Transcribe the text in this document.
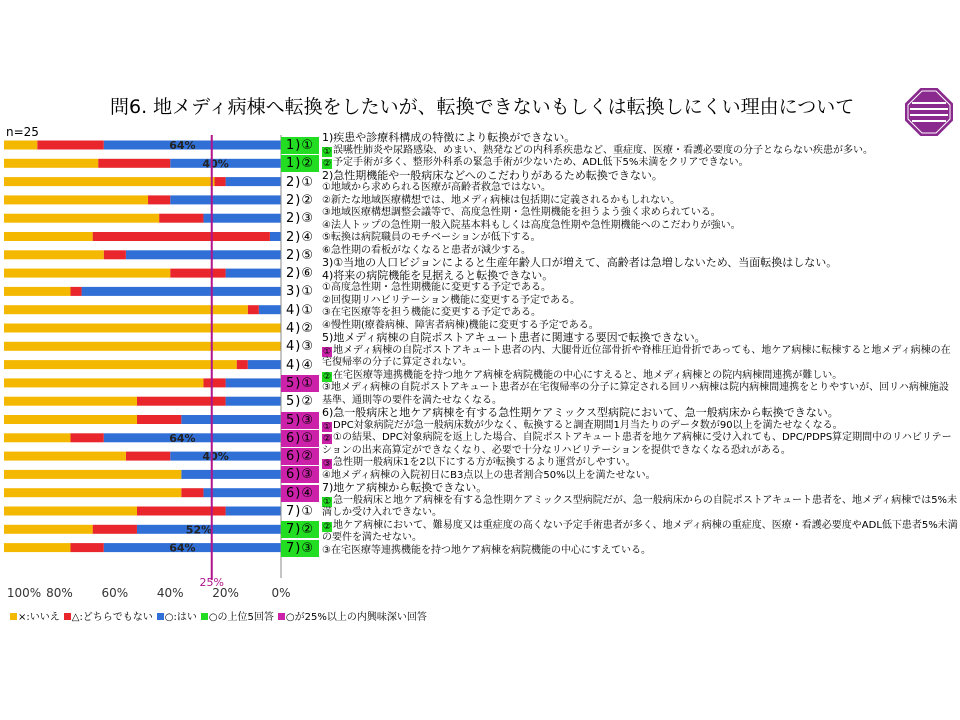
問6. 地メディ病棟へ転換をしたいが、転換できないもしくは転換しにくい理由について
n=25
64%
40%
64%
40%
52%
64%
25%
100% 80% 60% 40% 20%	0%
1)①
1)②
2)①
2)②
2)③
2)④
2)⑤
2)⑥
3)①
4)①
4)②
4)③
4)④
5)①
5)②
5)③
6)①
6)②
6)③
6)④
7)①
7)②
7)③

1)疾患や診療科構成の特徴により転換ができない。

① 誤嚥性肺炎や尿路感染、めまい、熱発などの内科系疾患など、重症度、医療・看護必要度の分子とならない疾患が多い。

② 予定手術が多く、整形外科系の緊急手術が少ないため、ADL低下5%未満をクリアできない。

2)急性期機能や一般病床などへのこだわりがあるため転換できない。

①地域から求められる医療が高齢者救急ではない。

②新たな地域医療構想では、地メディ病棟は包括期に定義されるかもしれない。

③地域医療構想調整会議等で、高度急性期・急性期機能を担うよう強く求められている。

④法人トップの急性期一般入院基本料もしくは高度急性期や急性期機能へのこだわりが強い。

⑤転換は病院職員のモチベーションが低下する。

⑥急性期の看板がなくなると患者が減少する。

3)①当地の人口ビジョンによると生産年齢人口が増えて、高齢者は急増しないため、当面転換はしない。

4)将来の病院機能を見据えると転換できない。

①高度急性期・急性期機能に変更する予定である。

②回復期リハビリテーション機能に変更する予定である。

③在宅医療等を担う機能に変更する予定である。

④慢性期(療養病棟、障害者病棟)機能に変更する予定である。

5)地メディ病棟の自院ポストアキュート患者に関連する要因で転換できない。

① 地メディ病棟の自院ポストアキュート患者の内、大腿骨近位部骨折や脊椎圧迫骨折であっても、地ケア病棟に転棟すると地メディ病棟の在宅復帰率の分子に算定されない。

② 在宅医療等連携機能を持つ地ケア病棟を病院機能の中心にすえると、地メディ病棟との院内病棟間連携が難しい。

③地メディ病棟の自院ポストアキュート患者が在宅復帰率の分子に算定される回リハ病棟は院内病棟間連携をとりやすいが、回リハ病棟施設基準、通則等の要件を満たせなくなる。

6)急一般病床と地ケア病棟を有する急性期ケアミックス型病院において、急一般病床から転換できない。

① DPC対象病院だが急一般病床数が少なく、転換すると調査期間1月当たりのデータ数が90以上を満たせなくなる。

② ①の結果、DPC対象病院を返上した場合、自院ポストアキュート患者を地ケア病棟に受け入れても、DPC/PDPS算定期間中のリハビリテーションの出来高算定ができなくなり、必要で十分なリハビリテーションを提供できなくなる恐れがある。

③ 急性期一般病床1を2以下にする方が転換するより運営がしやすい。

④地メディ病棟の入院初日にB3点以上の患者割合50%以上を満たせない。

7)地ケア病棟から転換できない。

① 急一般病床と地ケア病棟を有する急性期ケアミックス型病院だが、急一般病床からの自院ポストアキュート患者を、地メディ病棟では5%未満しか受け入れできない。

② 地ケア病棟において、難易度又は重症度の高くない予定手術患者が多く、地メディ病棟の重症度、医療・看護必要度やADL低下患者5%未満の要件を満たせない。

③在宅医療等連携機能を持つ地ケア病棟を病院機能の中心にすえている。

×:いいえ △:どちらでもない ○:はい ○の上位5回答 ○が25%以上の内興味深い回答
